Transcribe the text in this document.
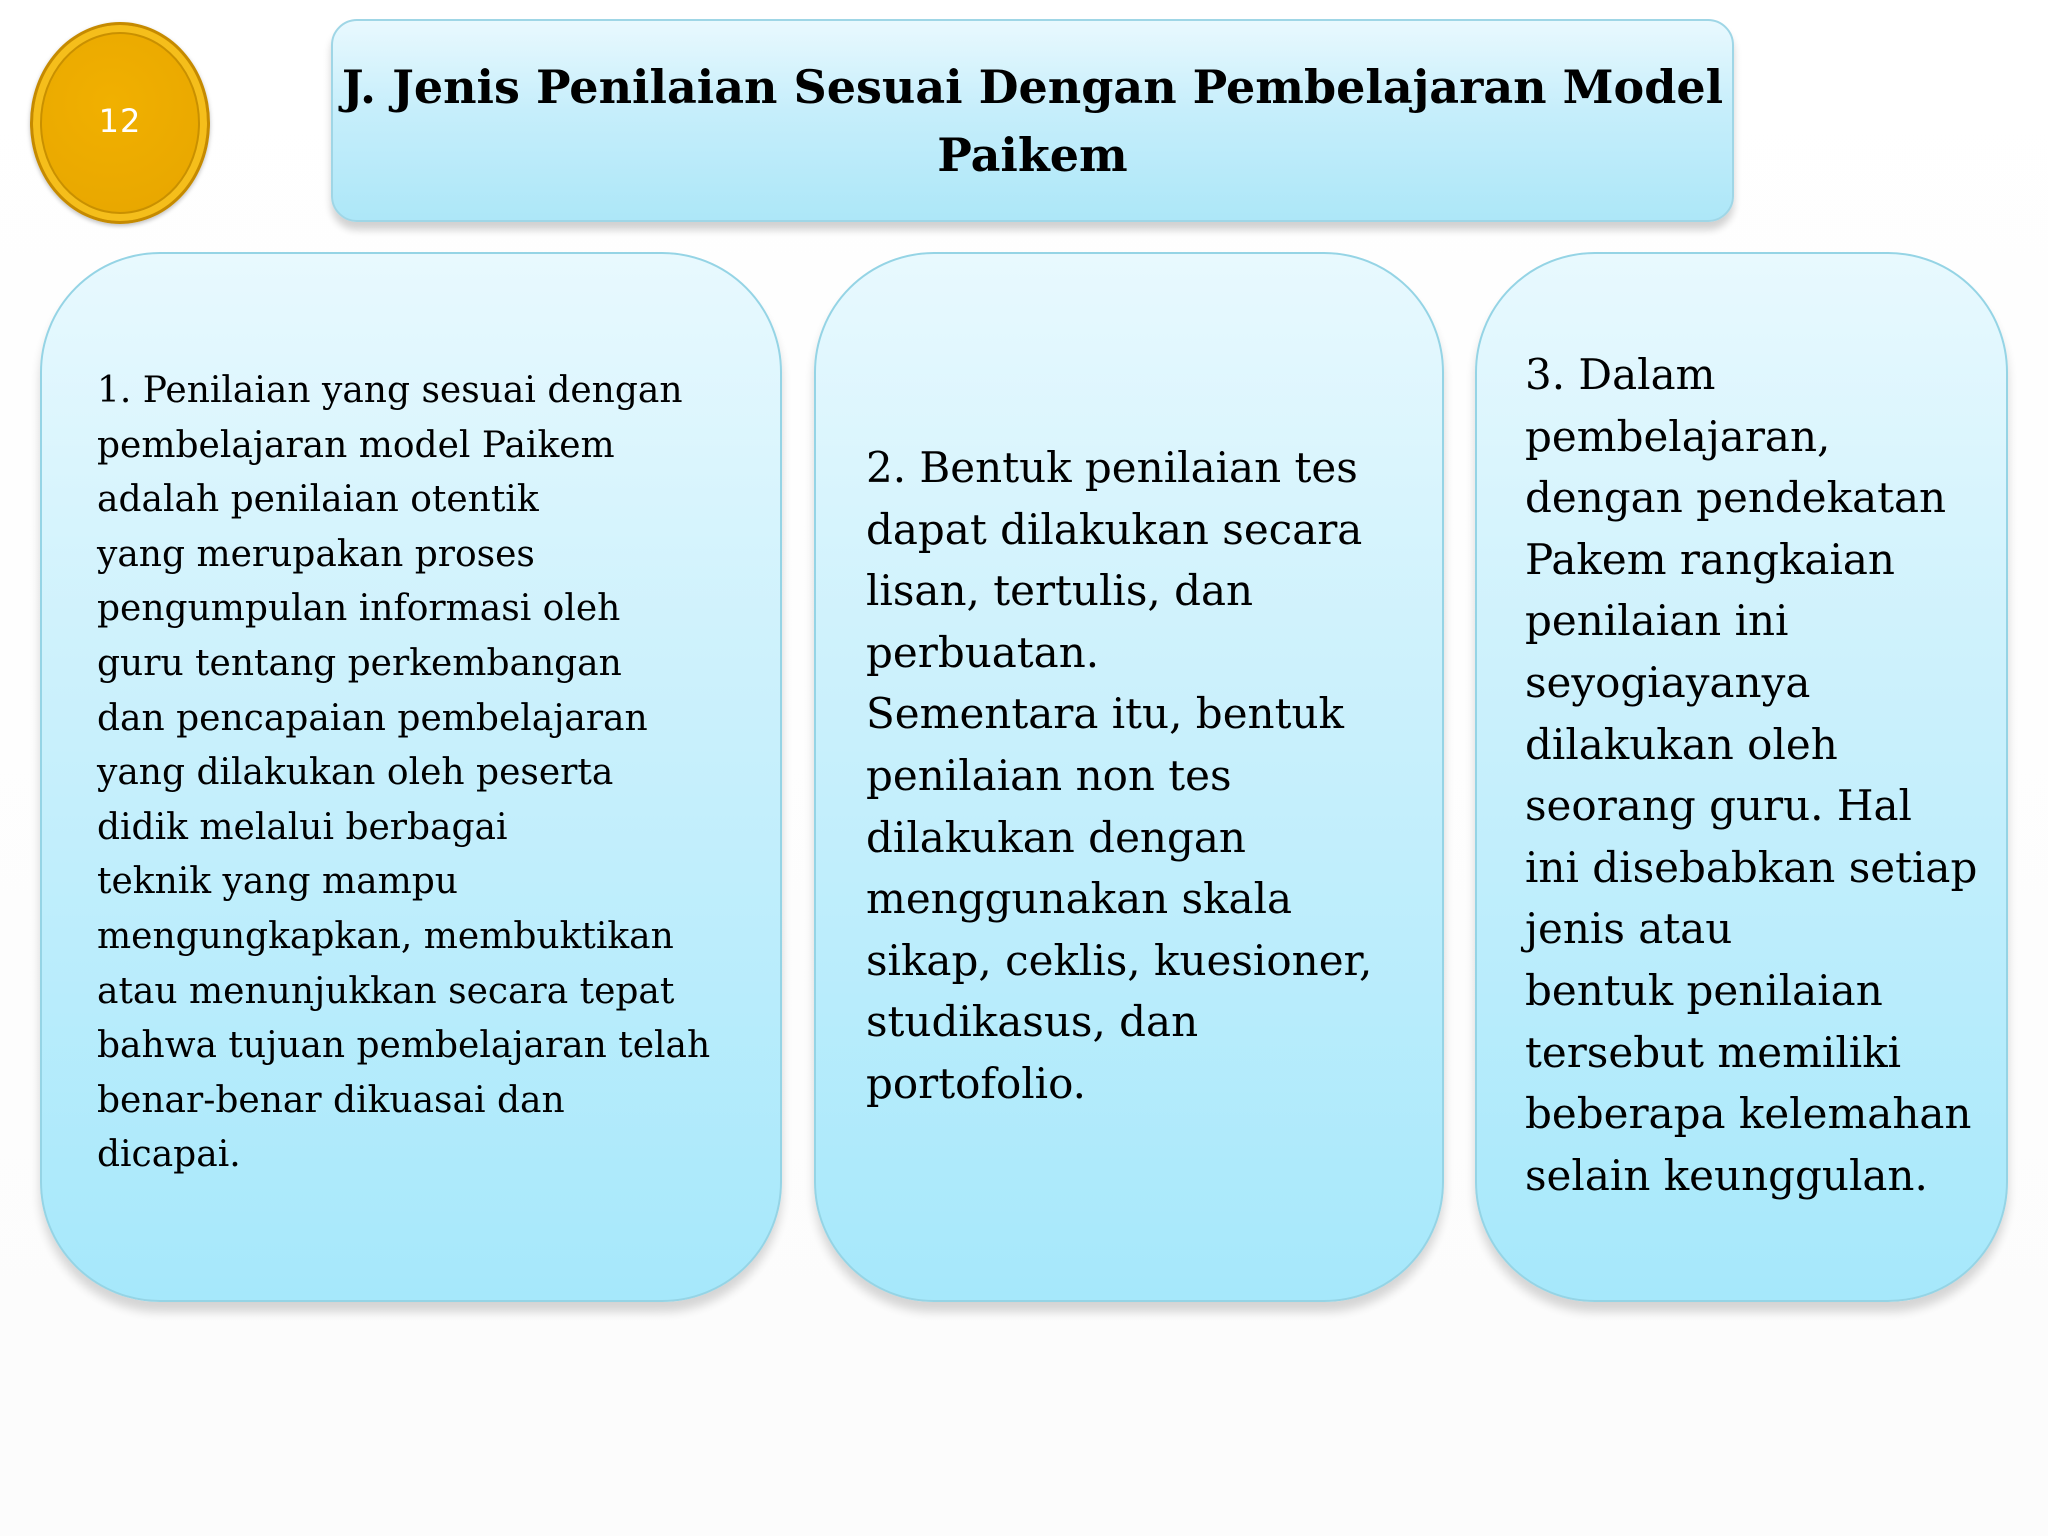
12
J. Jenis Penilaian Sesuai Dengan Pembelajaran Model
Paikem

1. Penilaian yang sesuai dengan
pembelajaran model Paikem
adalah penilaian otentik
yang merupakan proses
pengumpulan informasi oleh
guru tentang perkembangan
dan pencapaian pembelajaran
yang dilakukan oleh peserta
didik melalui berbagai
teknik yang mampu
mengungkapkan, membuktikan
atau menunjukkan secara tepat
bahwa tujuan pembelajaran telah
benar-benar dikuasai dan
dicapai.

2. Bentuk penilaian tes
dapat dilakukan secara
lisan, tertulis, dan
perbuatan.
Sementara itu, bentuk
penilaian non tes
dilakukan dengan
menggunakan skala
sikap, ceklis, kuesioner,
studikasus, dan
portofolio.

3. Dalam
pembelajaran,
dengan pendekatan
Pakem rangkaian
penilaian ini
seyogiayanya
dilakukan oleh
seorang guru. Hal
ini disebabkan setiap
jenis atau
bentuk penilaian
tersebut memiliki
beberapa kelemahan
selain keunggulan.
